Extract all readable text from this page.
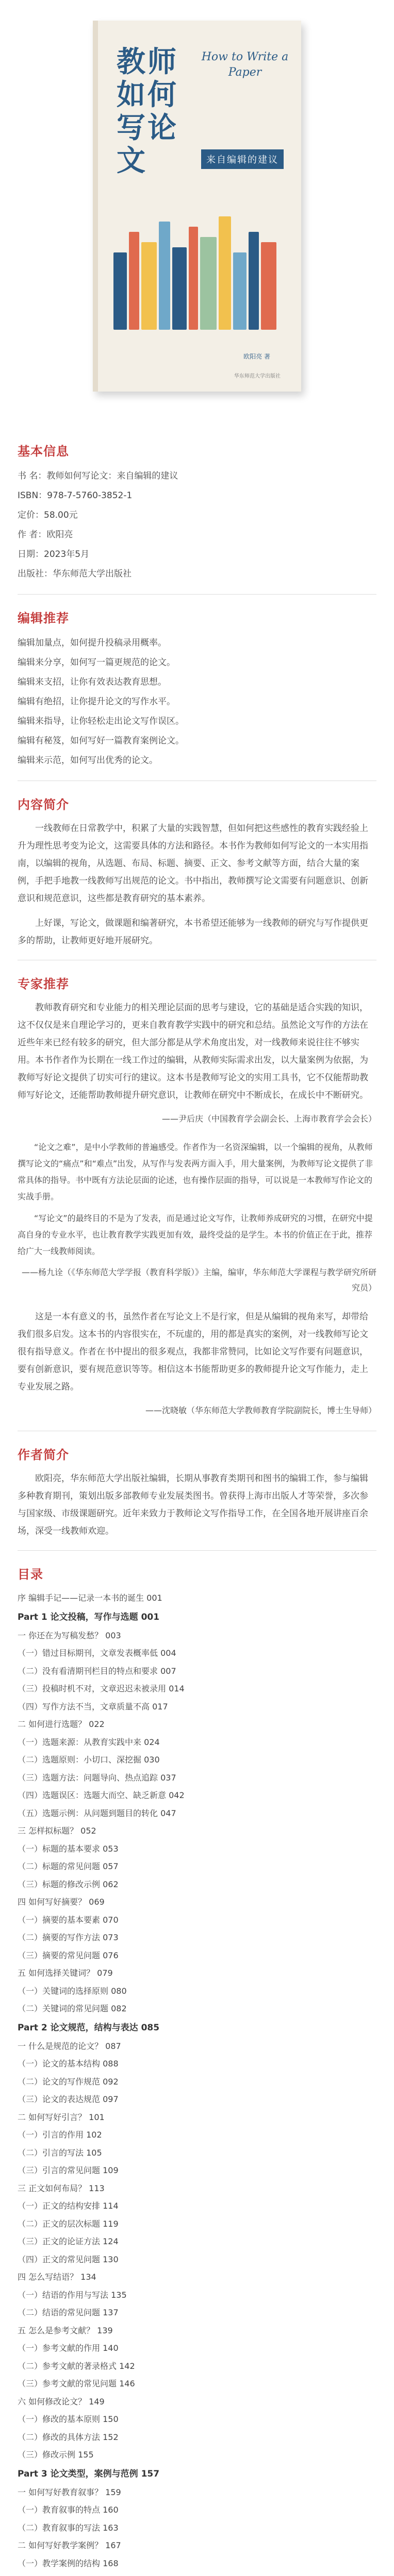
教师如何写论文
How to Write a Paper
来自编辑的建议
欧阳亮 著
华东师范大学出版社
基本信息
书 名：教师如何写论文：来自编辑的建议
ISBN：978-7-5760-3852-1
定价：58.00元
作 者：欧阳亮
日期：2023年5月
出版社：华东师范大学出版社
编辑推荐
编辑加量点，如何提升投稿录用概率。
编辑来分享，如何写一篇更规范的论文。
编辑来支招，让你有效表达教育思想。
编辑有绝招，让你提升论文的写作水平。
编辑来指导，让你轻松走出论文写作误区。
编辑有秘笈，如何写好一篇教育案例论文。
编辑来示范，如何写出优秀的论文。
内容简介
一线教师在日常教学中，积累了大量的实践智慧，但如何把这些感性的教育实践经验上升为理性思考变为论文，这需要具体的方法和路径。本书作为教师如何写论文的一本实用指南，以编辑的视角，从选题、布局、标题、摘要、正文、参考文献等方面，结合大量的案例，手把手地教一线教师写出规范的论文。书中指出，教师撰写论文需要有问题意识、创新意识和规范意识，这些都是教育研究的基本素养。
上好课，写论文，做课题和编著研究，本书希望还能够为一线教师的研究与写作提供更多的帮助，让教师更好地开展研究。
专家推荐
教师教育研究和专业能力的相关理论层面的思考与建设，它的基础是适合实践的知识，这不仅仅是来自理论学习的，更来自教育教学实践中的研究和总结。虽然论文写作的方法在近些年来已经有较多的研究，但大部分都是从学术角度出发，对一线教师来说往往不够实用。本书作者作为长期在一线工作过的编辑，从教师实际需求出发，以大量案例为依据，为教师写好论文提供了切实可行的建议。这本书是教师写论文的实用工具书，它不仅能帮助教师写好论文，还能帮助教师提升研究意识，让教师在研究中不断成长，在成长中不断研究。
——尹后庆（中国教育学会副会长、上海市教育学会会长）
“论文之难”，是中小学教师的普遍感受。作者作为一名资深编辑，以一个编辑的视角，从教师撰写论文的“痛点”和“难点”出发，从写作与发表两方面入手，用大量案例，为教师写论文提供了非常具体的指导。书中既有方法论层面的论述，也有操作层面的指导，可以说是一本教师写作论文的实战手册。
“写论文”的最终目的不是为了发表，而是通过论文写作，让教师养成研究的习惯，在研究中提高自身的专业水平，也让教育教学实践更加有效，最终受益的是学生。本书的价值正在于此，推荐给广大一线教师阅读。
——杨九诠（《华东师范大学学报（教育科学版）》主编，编审，华东师范大学课程与教学研究所研究员）
这是一本有意义的书，虽然作者在写论文上不是行家，但是从编辑的视角来写，却带给我们很多启发。这本书的内容很实在，不玩虚的，用的都是真实的案例，对一线教师写论文很有指导意义。作者在书中提出的很多观点，我都非常赞同，比如论文写作要有问题意识，要有创新意识，要有规范意识等等。相信这本书能帮助更多的教师提升论文写作能力，走上专业发展之路。
——沈晓敏（华东师范大学教师教育学院副院长，博士生导师）
作者简介
欧阳亮，华东师范大学出版社编辑，长期从事教育类期刊和图书的编辑工作，参与编辑多种教育期刊，策划出版多部教师专业发展类图书。曾获得上海市出版人才等荣誉，多次参与国家级、市级课题研究。近年来致力于教师论文写作指导工作，在全国各地开展讲座百余场，深受一线教师欢迎。
目录
序 编辑手记——记录一本书的诞生 001
Part 1 论文投稿，写作与选题 001
一 你还在为写稿发愁？ 003
（一）错过目标期刊，文章发表概率低 004
（二）没有看清期刊栏目的特点和要求 007
（三）投稿时机不对，文章迟迟未被录用 014
（四）写作方法不当，文章质量不高 017
二 如何进行选题？ 022
（一）选题来源：从教育实践中来 024
（二）选题原则：小切口、深挖掘 030
（三）选题方法：问题导向、热点追踪 037
（四）选题误区：选题大而空、缺乏新意 042
（五）选题示例：从问题到题目的转化 047
三 怎样拟标题？ 052
（一）标题的基本要求 053
（二）标题的常见问题 057
（三）标题的修改示例 062
四 如何写好摘要？ 069
（一）摘要的基本要素 070
（二）摘要的写作方法 073
（三）摘要的常见问题 076
五 如何选择关键词？ 079
（一）关键词的选择原则 080
（二）关键词的常见问题 082
Part 2 论文规范，结构与表达 085
一 什么是规范的论文？ 087
（一）论文的基本结构 088
（二）论文的写作规范 092
（三）论文的表达规范 097
二 如何写好引言？ 101
（一）引言的作用 102
（二）引言的写法 105
（三）引言的常见问题 109
三 正文如何布局？ 113
（一）正文的结构安排 114
（二）正文的层次标题 119
（三）正文的论证方法 124
（四）正文的常见问题 130
四 怎么写结语？ 134
（一）结语的作用与写法 135
（二）结语的常见问题 137
五 怎么是参考文献？ 139
（一）参考文献的作用 140
（二）参考文献的著录格式 142
（三）参考文献的常见问题 146
六 如何修改论文？ 149
（一）修改的基本原则 150
（二）修改的具体方法 152
（三）修改示例 155
Part 3 论文类型，案例与范例 157
一 如何写好教育叙事？ 159
（一）教育叙事的特点 160
（二）教育叙事的写法 163
二 如何写好教学案例？ 167
（一）教学案例的结构 168
